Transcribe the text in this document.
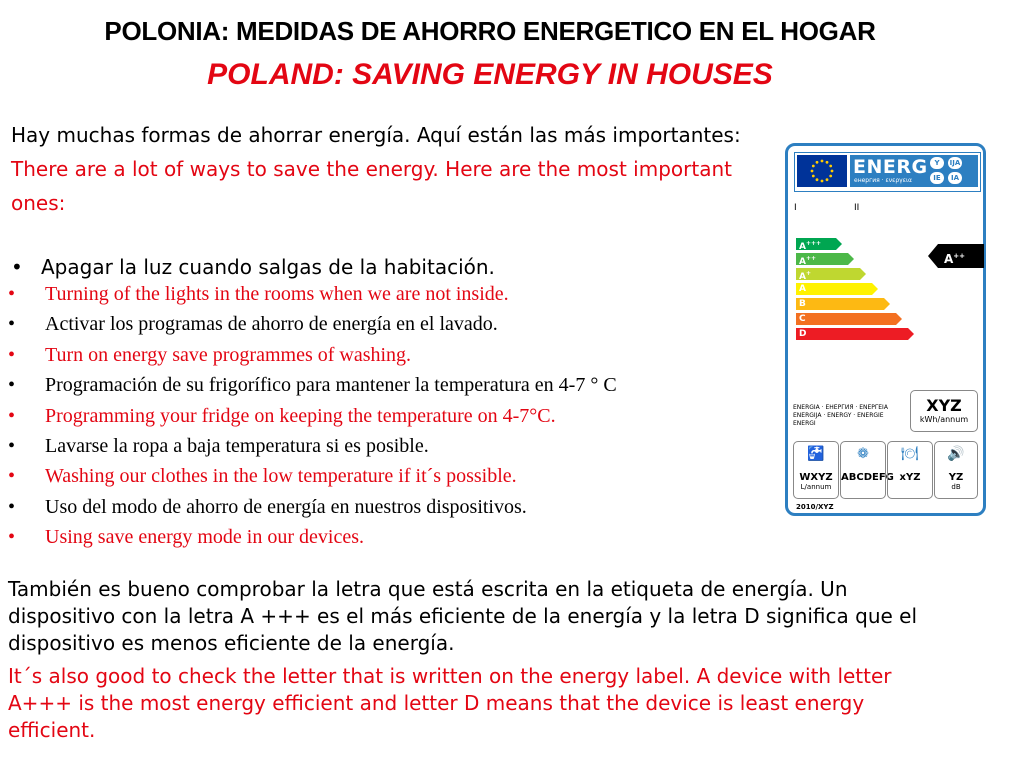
POLONIA: MEDIDAS DE AHORRO ENERGETICO EN EL HOGAR
POLAND: SAVING ENERGY IN HOUSES
Hay muchas formas de ahorrar energía. Aquí están las más importantes:
There are a lot of ways to save the energy. Here are the most important ones:
• Apagar la luz cuando salgas de la habitación.
• Turning of the lights in the rooms when we are not inside.
• Activar los programas de ahorro de energía en el lavado.
• Turn on energy save programmes of washing.
• Programación de su frigorífico para mantener la temperatura en 4-7 ° C
• Programming your fridge on keeping the temperature on 4-7°C.
• Lavarse la ropa a baja temperatura si es posible.
• Washing our clothes in the low temperature if it´s possible.
• Uso del modo de ahorro de energía en nuestros dispositivos.
• Using save energy mode in our devices.

También es bueno comprobar la letra que está escrita en la etiqueta de energía. Un dispositivo con la letra A +++ es el más eficiente de la energía y la letra D significa que el dispositivo es menos eficiente de la energía.

It´s also good to check the letter that is written on the energy label. A device with letter A+++ is the most energy efficient and letter D means that the device is least energy efficient.

ENERG
енергия · ενεργεια
Y	IJA
IE	IA
I	II
A+++
A++
A+
A
B
C
D
A++
ENERGIA · ЕНЕРГИЯ · ΕΝΕΡΓΕΙΑ ENERGIJA · ENERGY · ENERGIE ENERGI
XYZ
kWh/annum
🚰
WXYZ
L/annum
❁
ABCDEFG
🍽
xYZ
🔊
YZ
dB
2010/XYZ
